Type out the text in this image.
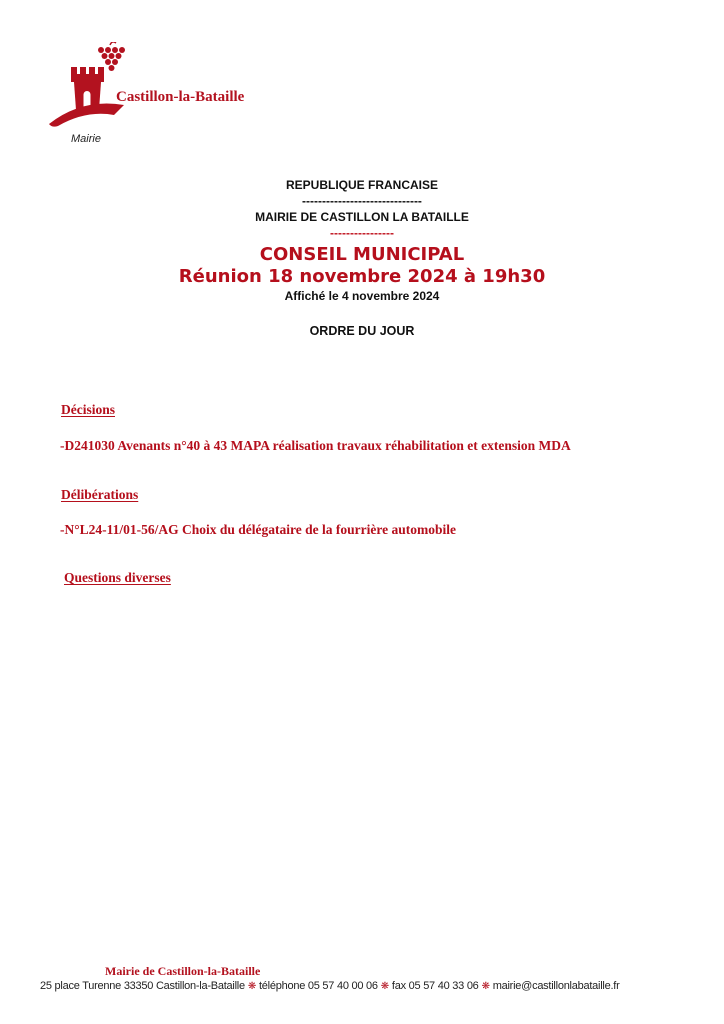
Castillon-la-Bataille
Mairie
REPUBLIQUE FRANCAISE
------------------------------
MAIRIE DE CASTILLON LA BATAILLE
----------------
CONSEIL MUNICIPAL
Réunion 18 novembre 2024 à 19h30
Affiché le 4 novembre 2024
ORDRE DU JOUR
Décisions
-D241030 Avenants n°40 à 43 MAPA réalisation travaux réhabilitation et extension MDA
Délibérations
-N°L24-11/01-56/AG Choix du délégataire de la fourrière automobile
Questions diverses
Mairie de Castillon-la-Bataille
25 place Turenne 33350 Castillon-la-Bataille ❋ téléphone 05 57 40 00 06 ❋ fax 05 57 40 33 06 ❋ mairie@castillonlabataille.fr
